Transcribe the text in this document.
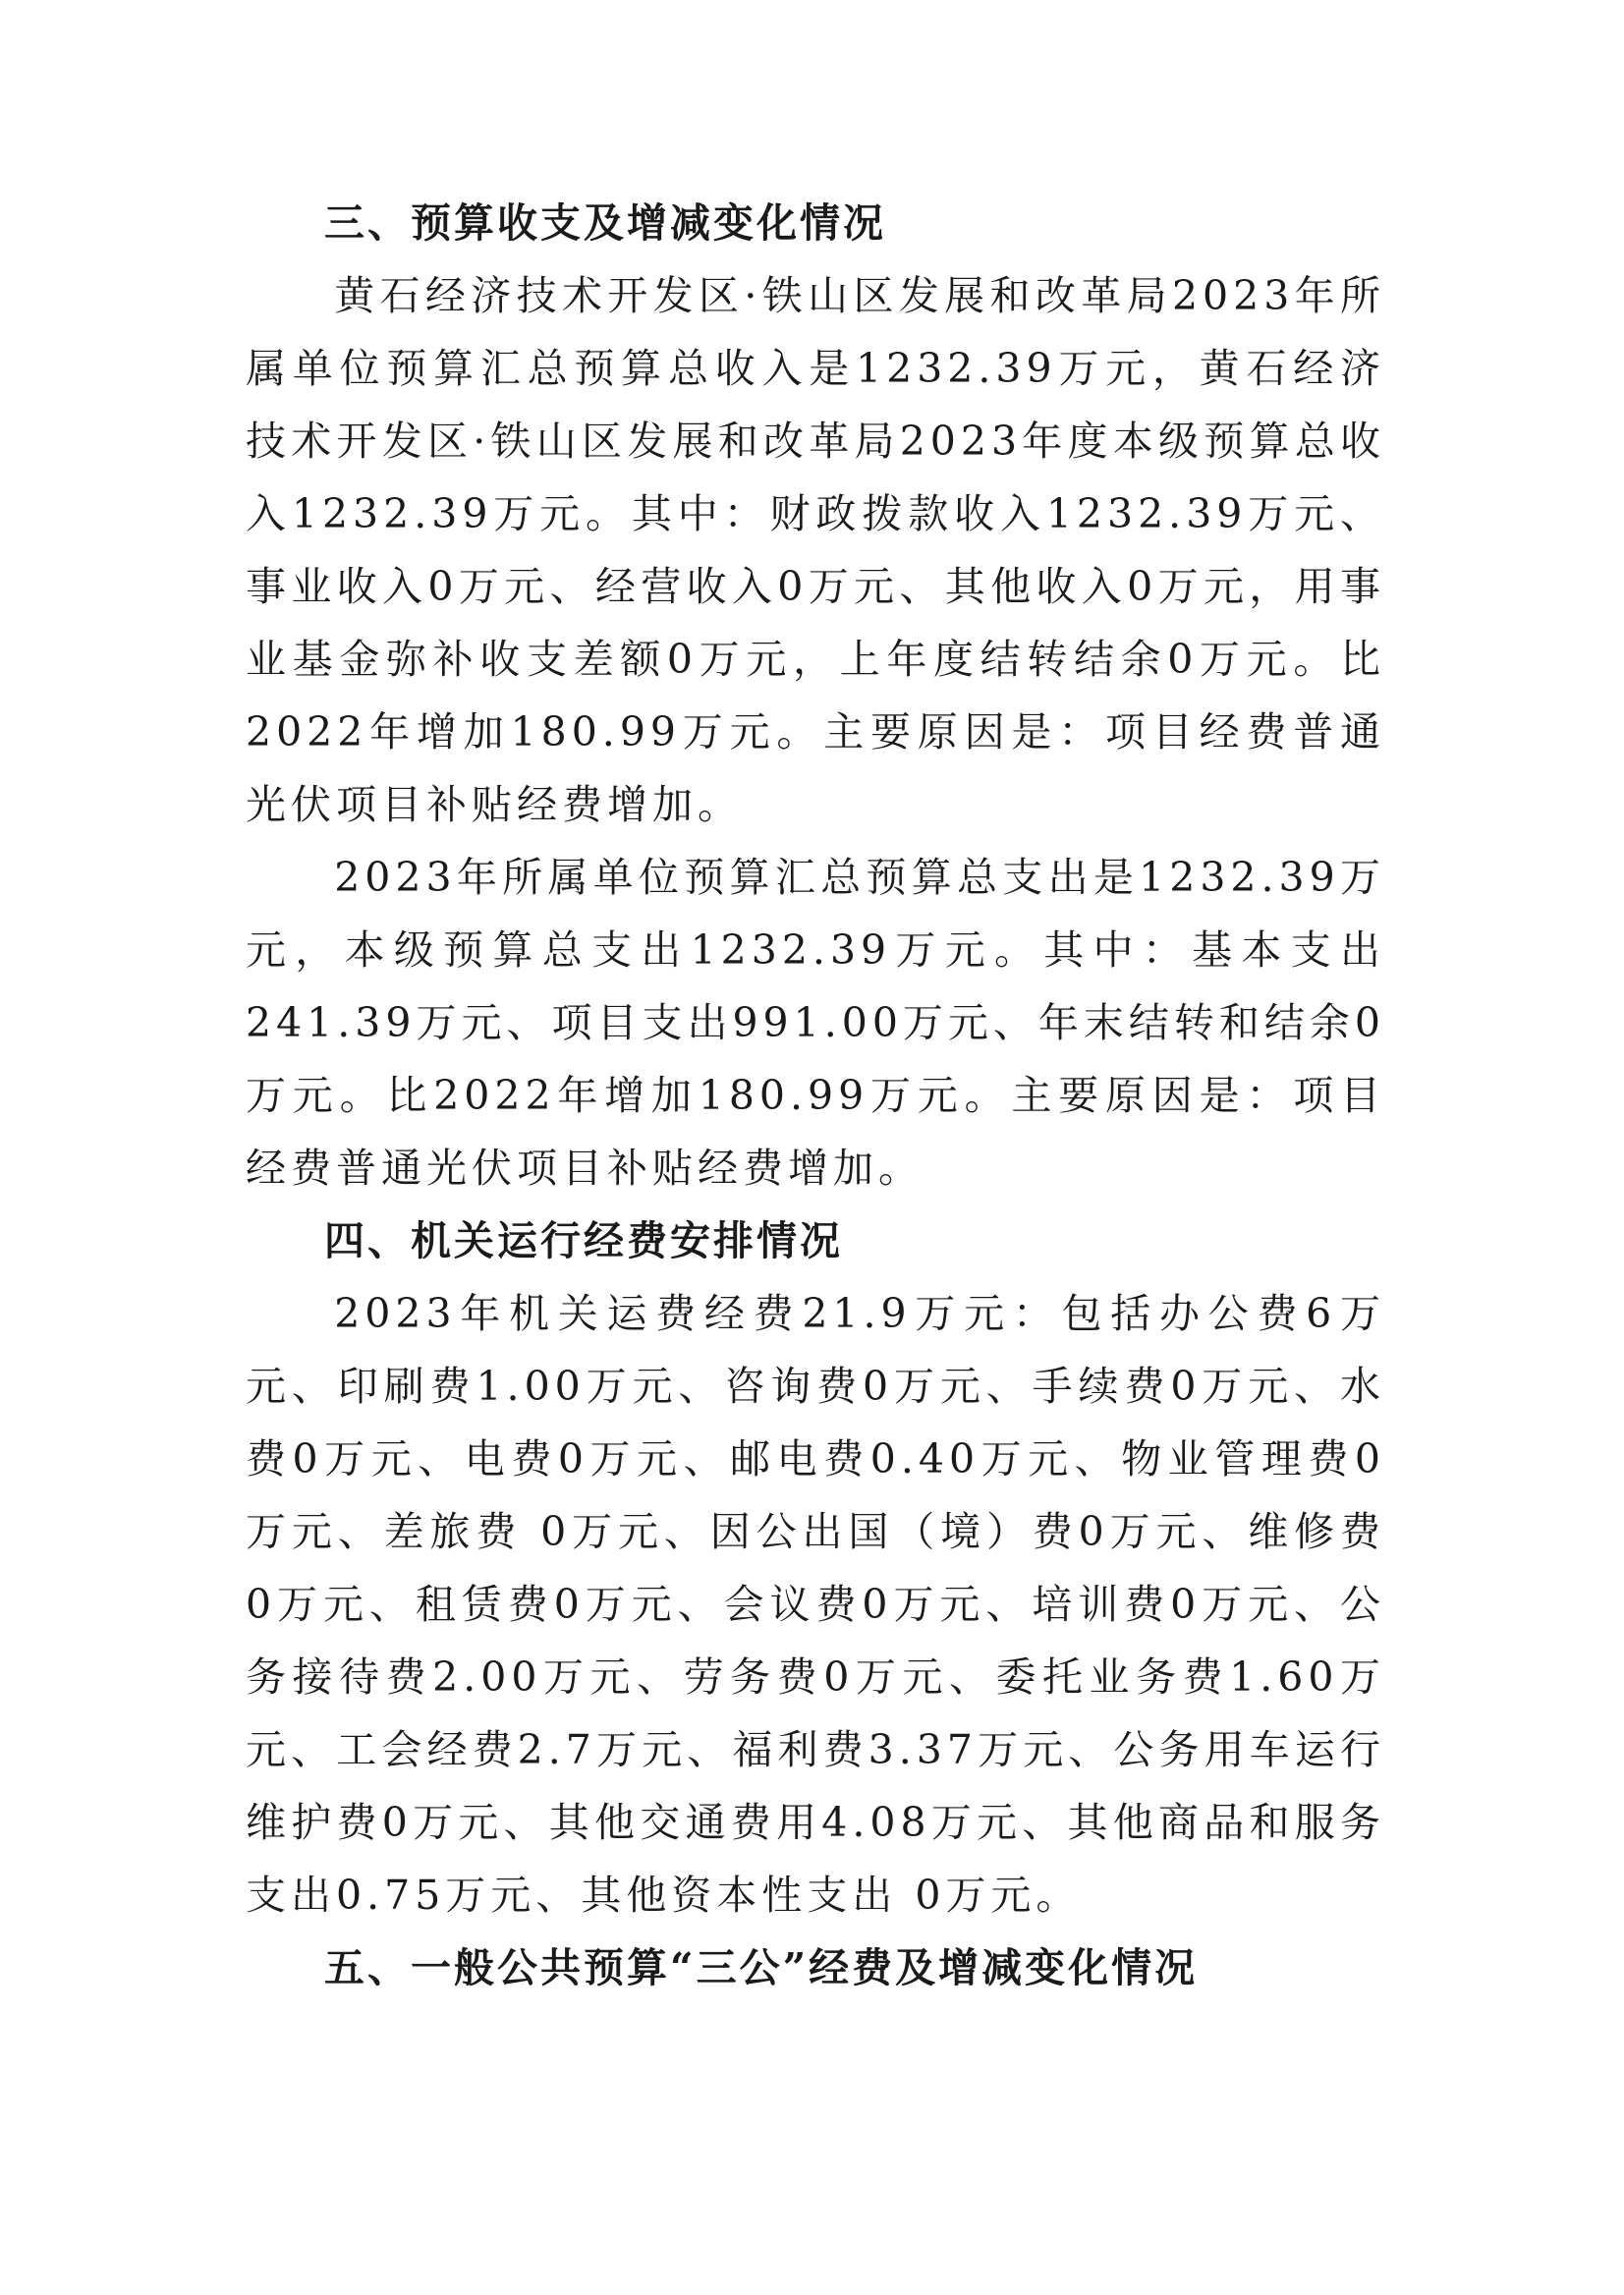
三、预算收支及增减变化情况

黄石经济技术开发区·铁山区发展和改革局2023年所属单位预算汇总预算总收入是1232.39万元，黄石经济技术开发区·铁山区发展和改革局2023年度本级预算总收入1232.39万元。其中：财政拨款收入1232.39万元、事业收入0万元、经营收入0万元、其他收入0万元，用事业基金弥补收支差额0万元，上年度结转结余0万元。比2022年增加180.99万元。主要原因是：项目经费普通光伏项目补贴经费增加。

2023年所属单位预算汇总预算总支出是1232.39万元，本级预算总支出1232.39万元。其中：基本支出241.39万元、项目支出991.00万元、年末结转和结余0万元。比2022年增加180.99万元。主要原因是：项目经费普通光伏项目补贴经费增加。

四、机关运行经费安排情况

2023年机关运费经费21.9万元：包括办公费6万元、印刷费1.00万元、咨询费0万元、手续费0万元、水费0万元、电费0万元、邮电费0.40万元、物业管理费0万元、差旅费 0万元、因公出国（境）费0万元、维修费0万元、租赁费0万元、会议费0万元、培训费0万元、公务接待费2.00万元、劳务费0万元、委托业务费1.60万元、工会经费2.7万元、福利费3.37万元、公务用车运行维护费0万元、其他交通费用4.08万元、其他商品和服务支出0.75万元、其他资本性支出 0万元。

五、一般公共预算“三公”经费及增减变化情况
